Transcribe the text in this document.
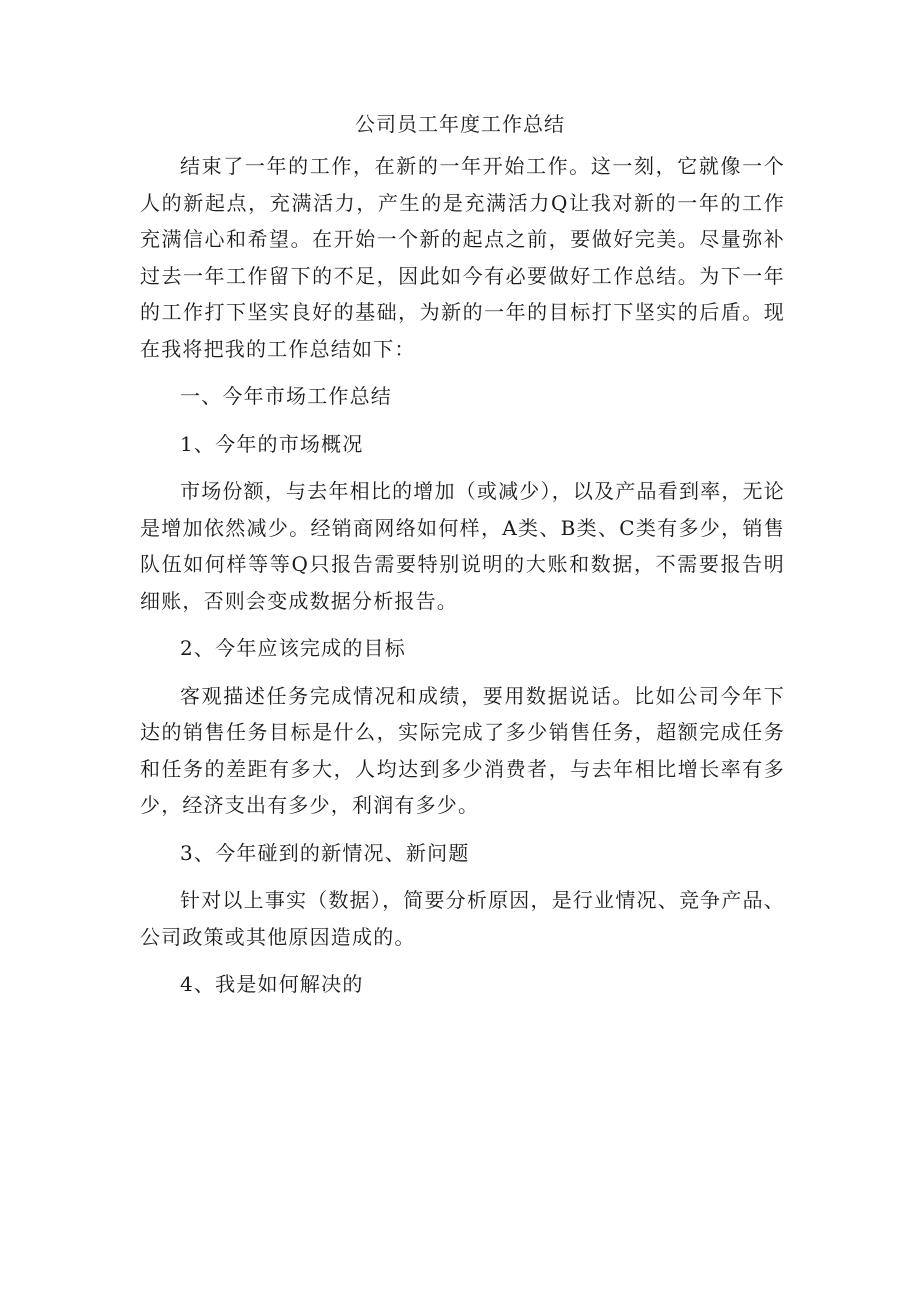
公司员工年度工作总结

结束了一年的工作，在新的一年开始工作。这一刻，它就像一个人的新起点，充满活力，产生的是充满活力Q让我对新的一年的工作充满信心和希望。在开始一个新的起点之前，要做好完美。尽量弥补过去一年工作留下的不足，因此如今有必要做好工作总结。为下一年的工作打下坚实良好的基础，为新的一年的目标打下坚实的后盾。现在我将把我的工作总结如下：

一、今年市场工作总结

1、今年的市场概况

市场份额，与去年相比的增加（或减少），以及产品看到率，无论是增加依然减少。经销商网络如何样，A类、B类、C类有多少，销售队伍如何样等等Q只报告需要特别说明的大账和数据，不需要报告明细账，否则会变成数据分析报告。

2、今年应该完成的目标

客观描述任务完成情况和成绩，要用数据说话。比如公司今年下达的销售任务目标是什么，实际完成了多少销售任务，超额完成任务和任务的差距有多大，人均达到多少消费者，与去年相比增长率有多少，经济支出有多少，利润有多少。

3、今年碰到的新情况、新问题

针对以上事实（数据），简要分析原因，是行业情况、竞争产品、公司政策或其他原因造成的。

4、我是如何解决的
